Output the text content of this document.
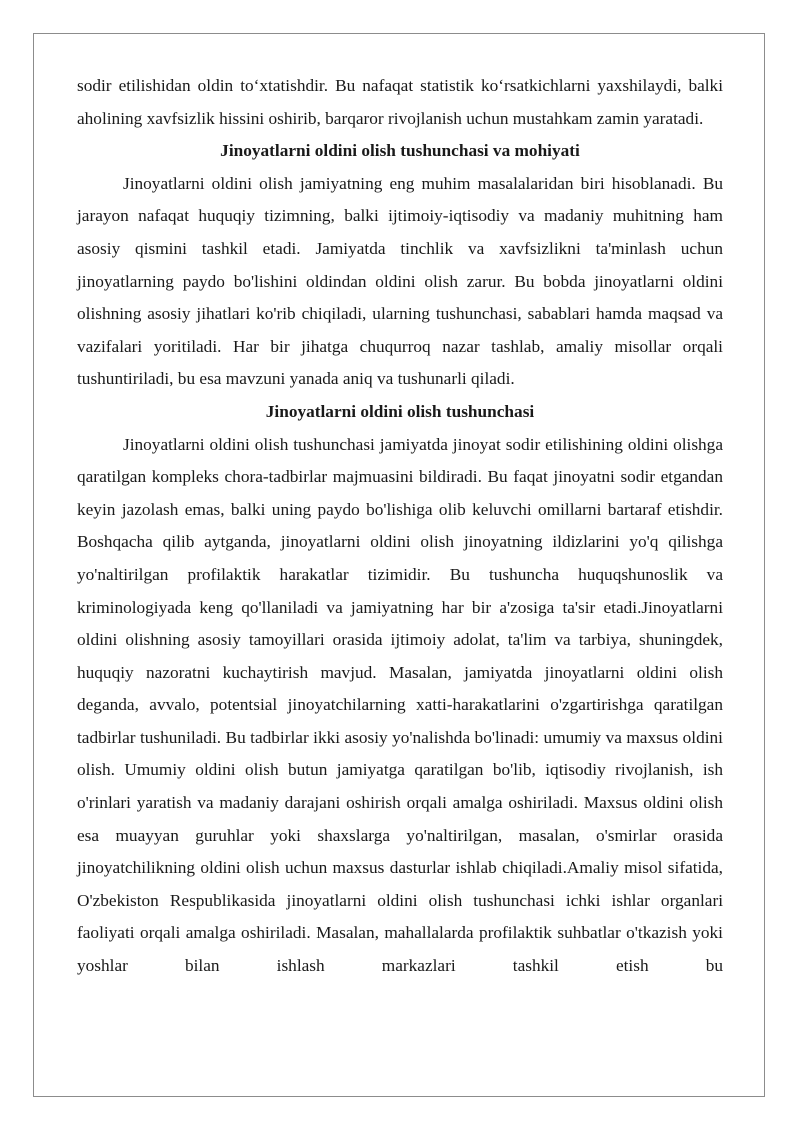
sodir etilishidan oldin to‘xtatishdir. Bu nafaqat statistik ko‘rsatkichlarni yaxshilaydi, balki aholining xavfsizlik hissini oshirib, barqaror rivojlanish uchun mustahkam zamin yaratadi.

Jinoyatlarni oldini olish tushunchasi va mohiyati

Jinoyatlarni oldini olish jamiyatning eng muhim masalalaridan biri hisoblanadi. Bu jarayon nafaqat huquqiy tizimning, balki ijtimoiy-iqtisodiy va madaniy muhitning ham asosiy qismini tashkil etadi. Jamiyatda tinchlik va xavfsizlikni ta'minlash uchun jinoyatlarning paydo bo'lishini oldindan oldini olish zarur. Bu bobda jinoyatlarni oldini olishning asosiy jihatlari ko'rib chiqiladi, ularning tushunchasi, sabablari hamda maqsad va vazifalari yoritiladi. Har bir jihatga chuqurroq nazar tashlab, amaliy misollar orqali tushuntiriladi, bu esa mavzuni yanada aniq va tushunarli qiladi.

Jinoyatlarni oldini olish tushunchasi

Jinoyatlarni oldini olish tushunchasi jamiyatda jinoyat sodir etilishining oldini olishga qaratilgan kompleks chora-tadbirlar majmuasini bildiradi. Bu faqat jinoyatni sodir etgandan keyin jazolash emas, balki uning paydo bo'lishiga olib keluvchi omillarni bartaraf etishdir. Boshqacha qilib aytganda, jinoyatlarni oldini olish jinoyatning ildizlarini yo'q qilishga yo'naltirilgan profilaktik harakatlar tizimidir. Bu tushuncha huquqshunoslik va kriminologiyada keng qo'llaniladi va jamiyatning har bir a'zosiga ta'sir etadi.Jinoyatlarni oldini olishning asosiy tamoyillari orasida ijtimoiy adolat, ta'lim va tarbiya, shuningdek, huquqiy nazoratni kuchaytirish mavjud. Masalan, jamiyatda jinoyatlarni oldini olish deganda, avvalo, potentsial jinoyatchilarning xatti-harakatlarini o'zgartirishga qaratilgan tadbirlar tushuniladi. Bu tadbirlar ikki asosiy yo'nalishda bo'linadi: umumiy va maxsus oldini olish. Umumiy oldini olish butun jamiyatga qaratilgan bo'lib, iqtisodiy rivojlanish, ish o'rinlari yaratish va madaniy darajani oshirish orqali amalga oshiriladi. Maxsus oldini olish esa muayyan guruhlar yoki shaxslarga yo'naltirilgan, masalan, o'smirlar orasida jinoyatchilikning oldini olish uchun maxsus dasturlar ishlab chiqiladi.Amaliy misol sifatida, O'zbekiston Respublikasida jinoyatlarni oldini olish tushunchasi ichki ishlar organlari faoliyati orqali amalga oshiriladi. Masalan, mahallalarda profilaktik suhbatlar o'tkazish yoki yoshlar bilan ishlash markazlari tashkil etish bu
